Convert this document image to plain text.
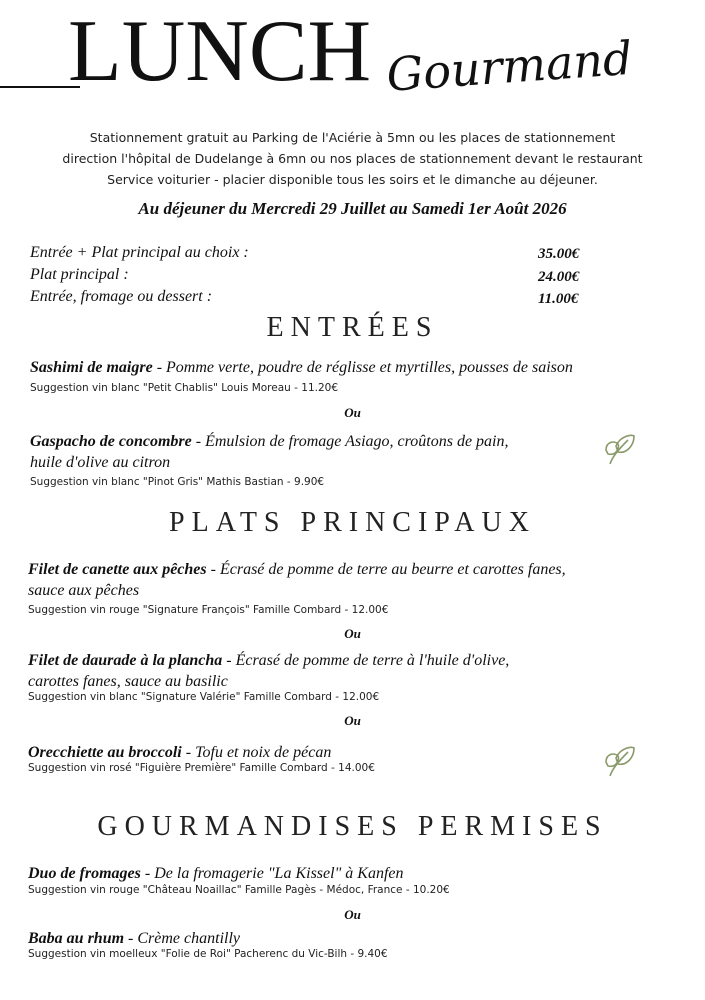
LUNCH Gourmand
Stationnement gratuit au Parking de l'Aciérie à 5mn ou les places de stationnement
direction l'hôpital de Dudelange à 6mn ou nos places de stationnement devant le restaurant
Service voiturier - placier disponible tous les soirs et le dimanche au déjeuner.
Au déjeuner du Mercredi 29 Juillet au Samedi 1er Août 2026
Entrée + Plat principal au choix :	35.00€
Plat principal :	24.00€
Entrée, fromage ou dessert :	11.00€
ENTRÉES
Sashimi de maigre - Pomme verte, poudre de réglisse et myrtilles, pousses de saison
Suggestion vin blanc "Petit Chablis" Louis Moreau - 11.20€
Ou
Gaspacho de concombre - Émulsion de fromage Asiago, croûtons de pain,
huile d'olive au citron
Suggestion vin blanc "Pinot Gris" Mathis Bastian - 9.90€
PLATS PRINCIPAUX
Filet de canette aux pêches - Écrasé de pomme de terre au beurre et carottes fanes,
sauce aux pêches
Suggestion vin rouge "Signature François" Famille Combard - 12.00€
Ou
Filet de daurade à la plancha - Écrasé de pomme de terre à l'huile d'olive,
carottes fanes, sauce au basilic
Suggestion vin blanc "Signature Valérie" Famille Combard - 12.00€
Ou
Orecchiette au broccoli - Tofu et noix de pécan
Suggestion vin rosé "Figuière Première" Famille Combard - 14.00€
GOURMANDISES PERMISES
Duo de fromages - De la fromagerie "La Kissel" à Kanfen
Suggestion vin rouge "Château Noaillac" Famille Pagès - Médoc, France - 10.20€
Ou
Baba au rhum - Crème chantilly
Suggestion vin moelleux "Folie de Roi" Pacherenc du Vic-Bilh - 9.40€
